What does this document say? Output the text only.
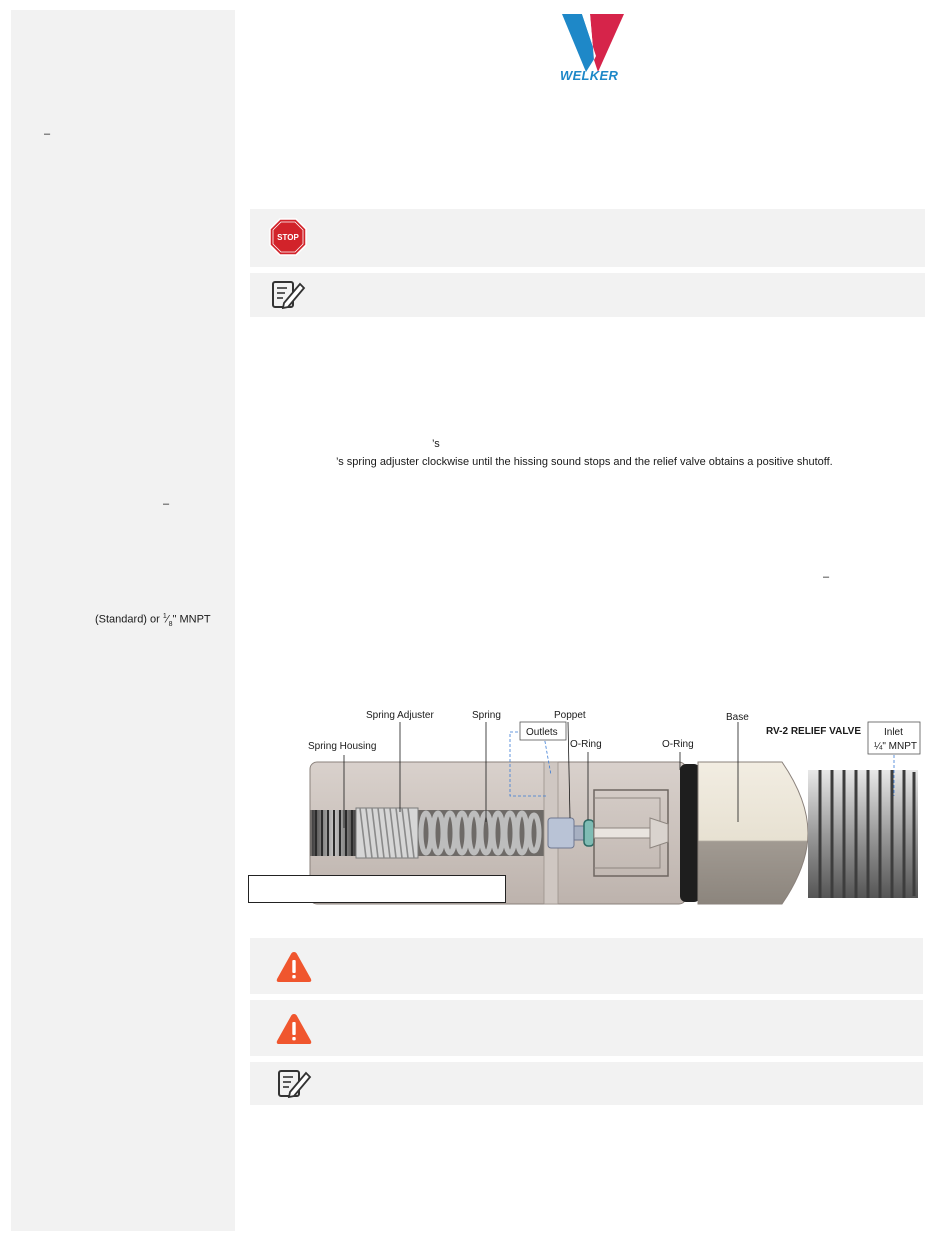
–
–
(Standard) or $^1⁄_8$" MNPT
WELKER
STOP
’s
’s spring adjuster clockwise until the hissing sound stops and the relief valve obtains a positive shutoff.
–
Spring Adjuster	Spring	Poppet	Base
Outlets
O-Ring	O-Ring
Spring Housing
RV-2 RELIEF VALVE Inlet
¼" MNPT
